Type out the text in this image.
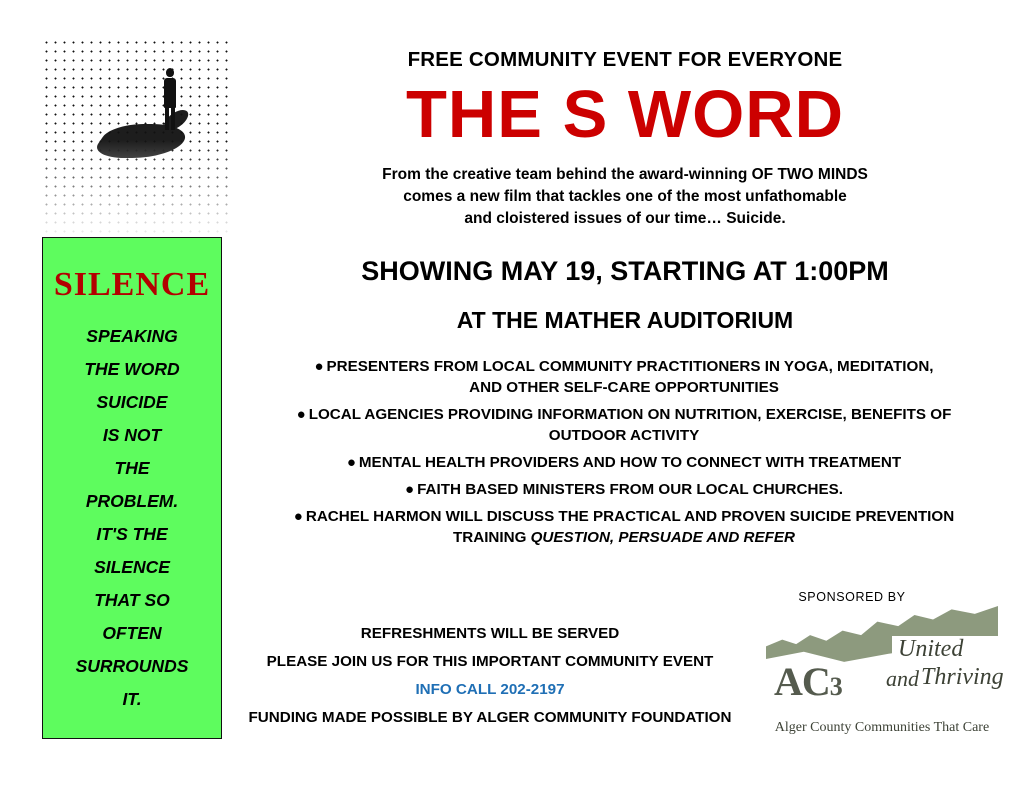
SILENCE
SPEAKING
THE WORD
SUICIDE
IS NOT
THE
PROBLEM.
IT'S THE
SILENCE
THAT SO
OFTEN
SURROUNDS
IT.
FREE COMMUNITY EVENT FOR EVERYONE
THE S WORD
From the creative team behind the award-winning OF TWO MINDS
comes a new film that tackles one of the most unfathomable
and cloistered issues of our time… Suicide.
SHOWING MAY 19, STARTING AT 1:00PM
AT THE MATHER AUDITORIUM
● PRESENTERS FROM LOCAL COMMUNITY PRACTITIONERS IN YOGA, MEDITATION,
AND OTHER SELF-CARE OPPORTUNITIES
● LOCAL AGENCIES PROVIDING INFORMATION ON NUTRITION, EXERCISE, BENEFITS OF
OUTDOOR ACTIVITY
● MENTAL HEALTH PROVIDERS AND HOW TO CONNECT WITH TREATMENT
● FAITH BASED MINISTERS FROM OUR LOCAL CHURCHES.
● RACHEL HARMON WILL DISCUSS THE PRACTICAL AND PROVEN SUICIDE PREVENTION
TRAINING QUESTION, PERSUADE AND REFER
REFRESHMENTS WILL BE SERVED
PLEASE JOIN US FOR THIS IMPORTANT COMMUNITY EVENT
INFO CALL 202-2197
FUNDING MADE POSSIBLE BY ALGER COMMUNITY FOUNDATION
SPONSORED BY
AC3
United
and Thriving
Alger County Communities That Care
